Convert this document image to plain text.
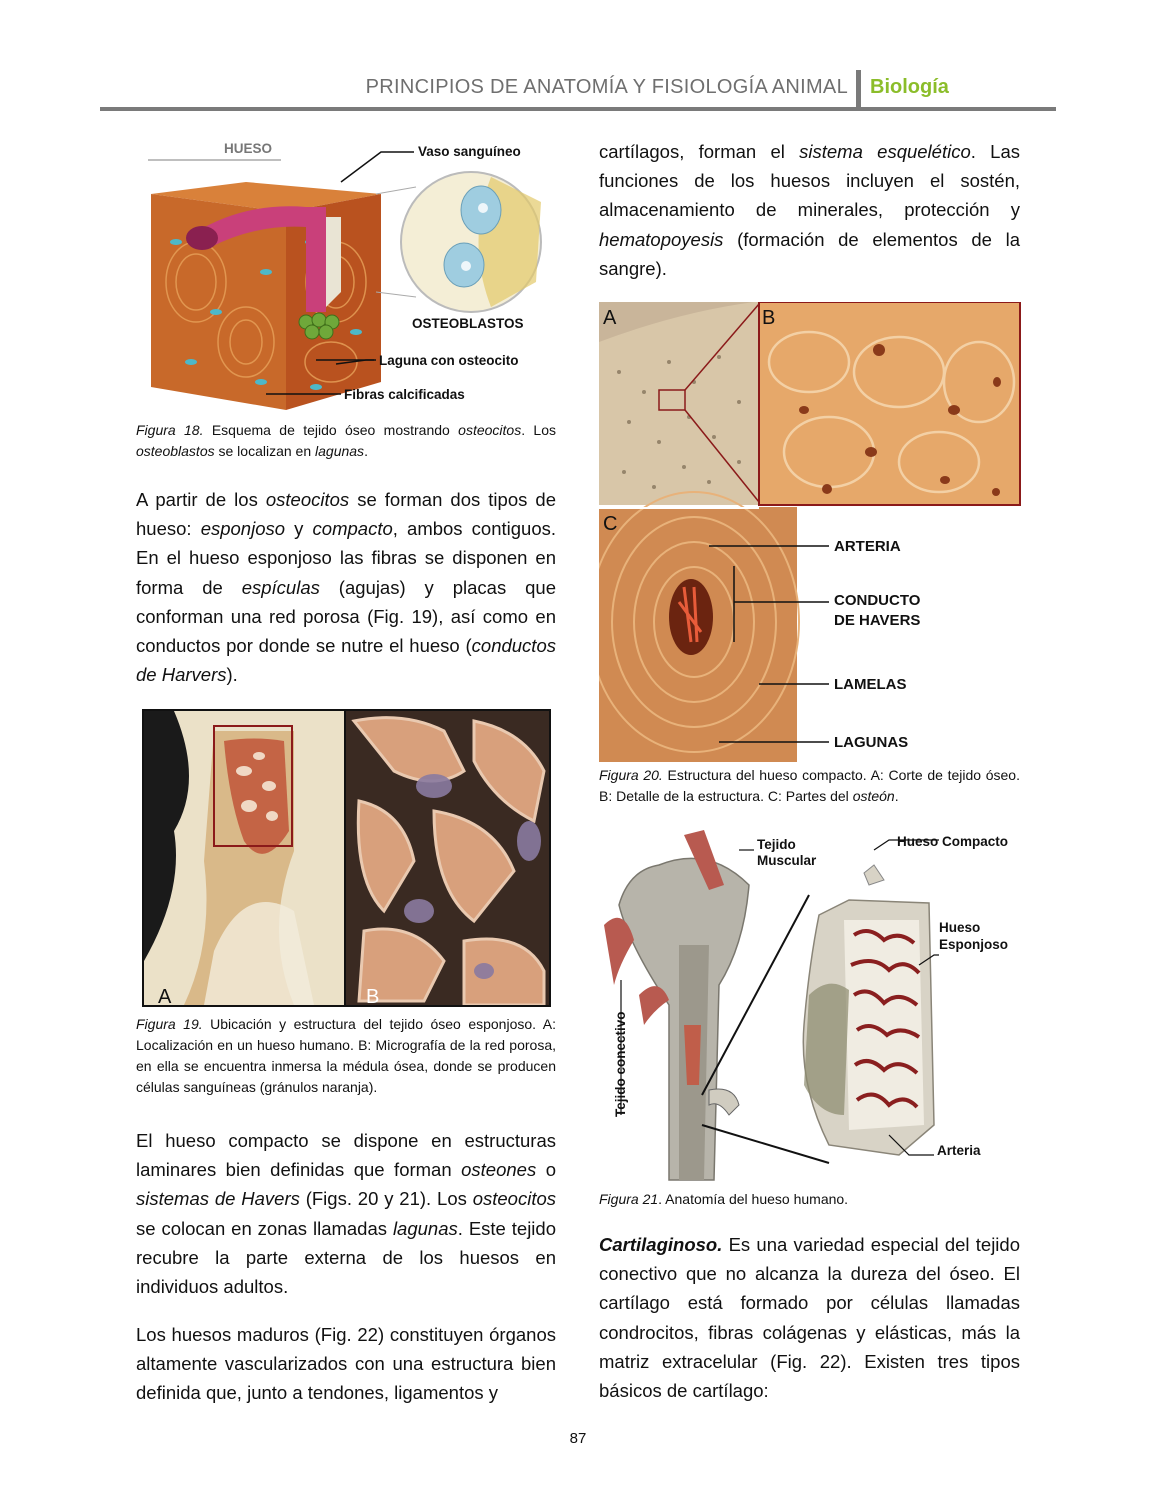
PRINCIPIOS DE ANATOMÍA Y FISIOLOGÍA ANIMAL Biología
HUESO	Vaso sanguíneo
OSTEOBLASTOS
Laguna con osteocito
Fibras calcificadas
Figura 18. Esquema de tejido óseo mostrando osteocitos. Los osteoblastos se localizan en lagunas.
A partir de los osteocitos se forman dos tipos de hueso: esponjoso y compacto, ambos contiguos. En el hueso esponjoso las fibras se disponen en forma de espículas (agujas) y placas que conforman una red porosa (Fig. 19), así como en conductos por donde se nutre el hueso (conductos de Harvers).
A	B
Figura 19. Ubicación y estructura del tejido óseo esponjoso. A: Localización en un hueso humano. B: Micrografía de la red porosa, en ella se encuentra inmersa la médula ósea, donde se producen células sanguíneas (gránulos naranja).
El hueso compacto se dispone en estructuras laminares bien definidas que forman osteones o sistemas de Havers (Figs. 20 y 21). Los osteocitos se colocan en zonas llamadas lagunas. Este tejido recubre la parte externa de los huesos en individuos adultos.
Los huesos maduros (Fig. 22) constituyen órganos altamente vascularizados con una estructura bien definida que, junto a tendones, ligamentos y
cartílagos, forman el sistema esquelético. Las funciones de los huesos incluyen el sostén, almacenamiento de minerales, protección y hematopoyesis (formación de elementos de la sangre).
A	B
C
ARTERIA
CONDUCTO
DE HAVERS
LAMELAS
LAGUNAS
Figura 20. Estructura del hueso compacto. A: Corte de tejido óseo. B: Detalle de la estructura. C: Partes del osteón.
Tejido
Muscular
Hueso Compacto
Hueso
Esponjoso
Tejido conectivo
Arteria
Figura 21. Anatomía del hueso humano.
Cartilaginoso. Es una variedad especial del tejido conectivo que no alcanza la dureza del óseo. El cartílago está formado por células llamadas condrocitos, fibras colágenas y elásticas, más la matriz extracelular (Fig. 22). Existen tres tipos básicos de cartílago:
87
